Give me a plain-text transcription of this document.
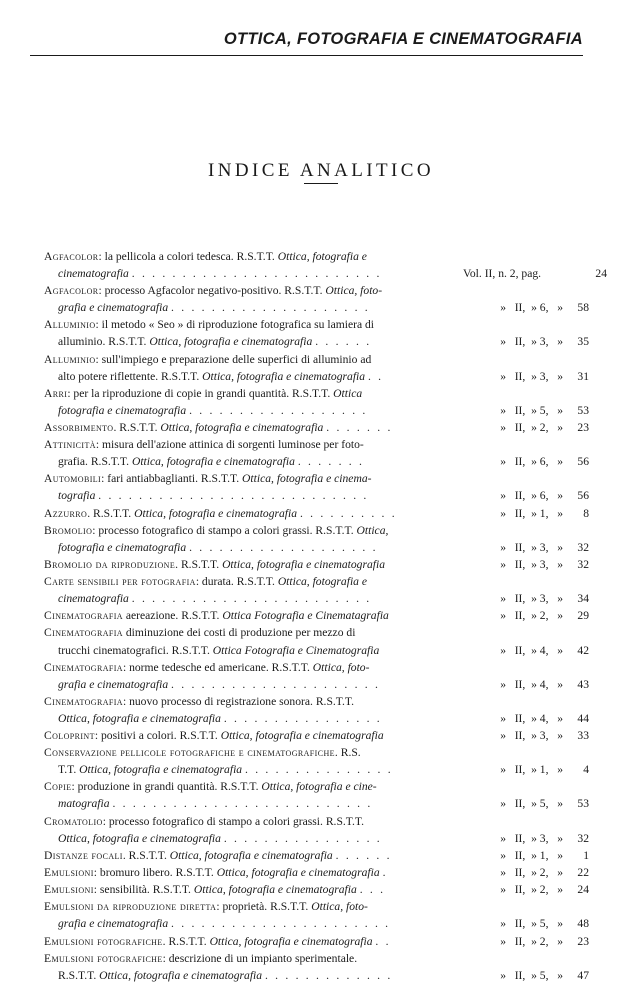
OTTICA, FOTOGRAFIA E CINEMATOGRAFIA
INDICE ANALITICO
Agfacolor: la pellicola a colori tedesca. R.S.T.T. Ottica, fotografia e
cinematografia . . . . . . . . . . . . . . . . . . . . . . . . .	Vol. II, n. 2, pag.	24
Agfacolor: processo Agfacolor negativo-positivo. R.S.T.T. Ottica, foto-
grafia e cinematografia . . . . . . . . . . . . . . . . . . . .	»   II,  » 6,   »	58
Alluminio: il metodo « Seo » di riproduzione fotografica su lamiera di
alluminio. R.S.T.T. Ottica, fotografia e cinematografia . . . . . .	»   II,  » 3,   »	35
Alluminio: sull'impiego e preparazione delle superfici di alluminio ad
alto potere riflettente. R.S.T.T. Ottica, fotografia e cinematografia . .	»   II,  » 3,   »	31
Arri: per la riproduzione di copie in grandi quantità. R.S.T.T. Ottica
fotografia e cinematografia . . . . . . . . . . . . . . . . . .	»   II,  » 5,   »	53
Assorbimento. R.S.T.T. Ottica, fotografia e cinematografia . . . . . . .	»   II,  » 2,   »	23
Attinicità: misura dell'azione attinica di sorgenti luminose per foto-
grafia. R.S.T.T. Ottica, fotografia e cinematografia . . . . . . .	»   II,  » 6,   »	56
Automobili: fari antiabbaglianti. R.S.T.T. Ottica, fotografia e cinema-
tografia . . . . . . . . . . . . . . . . . . . . . . . . . . .	»   II,  » 6,   »	56
Azzurro. R.S.T.T. Ottica, fotografia e cinematografia . . . . . . . . . .	»   II,  » 1,   »	8
Bromolio: processo fotografico di stampo a colori grassi. R.S.T.T. Ottica,
fotografia e cinematografia . . . . . . . . . . . . . . . . . . .	»   II,  » 3,   »	32
Bromolio da riproduzione. R.S.T.T. Ottica, fotografia e cinematografia	»   II,  » 3,   »	32
Carte sensibili per fotografia: durata. R.S.T.T. Ottica, fotografia e
cinematografia . . . . . . . . . . . . . . . . . . . . . . . .	»   II,  » 3,   »	34
Cinematografia aereazione. R.S.T.T. Ottica Fotografia e Cinematagrafia	»   II,  » 2,   »	29
Cinematografia diminuzione dei costi di produzione per mezzo di
trucchi cinematografici. R.S.T.T. Ottica Fotografia e Cinematografia	»   II,  » 4,   »	42
Cinematografia: norme tedesche ed americane. R.S.T.T. Ottica, foto-
grafia e cinematografia . . . . . . . . . . . . . . . . . . . . .	»   II,  » 4,   »	43
Cinematografia: nuovo processo di registrazione sonora. R.S.T.T.
Ottica, fotografia e cinematografia . . . . . . . . . . . . . . . .	»   II,  » 4,   »	44
Coloprint: positivi a colori. R.S.T.T. Ottica, fotografia e cinematografia	»   II,  » 3,   »	33
Conservazione pellicole fotografiche e cinematografiche. R.S.
T.T. Ottica, fotografia e cinematografia . . . . . . . . . . . . . . .	»   II,  » 1,   »	4
Copie: produzione in grandi quantità. R.S.T.T. Ottica, fotografia e cine-
matografia . . . . . . . . . . . . . . . . . . . . . . . . . .	»   II,  » 5,   »	53
Cromatolio: processo fotografico di stampo a colori grassi. R.S.T.T.
Ottica, fotografia e cinematografia . . . . . . . . . . . . . . . .	»   II,  » 3,   »	32
Distanze focali. R.S.T.T. Ottica, fotografia e cinematografia . . . . . .	»   II,  » 1,   »	1
Emulsioni: bromuro libero. R.S.T.T. Ottica, fotografia e cinematografia .	»   II,  » 2,   »	22
Emulsioni: sensibilità. R.S.T.T. Ottica, fotografia e cinematografia . . .	»   II,  » 2,   »	24
Emulsioni da riproduzione diretta: proprietà. R.S.T.T. Ottica, foto-
grafia e cinematografia . . . . . . . . . . . . . . . . . . . . . .	»   II,  » 5,   »	48
Emulsioni fotografiche. R.S.T.T. Ottica, fotografia e cinematografia . .	»   II,  » 2,   »	23
Emulsioni fotografiche: descrizione di un impianto sperimentale.
R.S.T.T. Ottica, fotografia e cinematografia . . . . . . . . . . . . .	»   II,  » 5,   »	47
